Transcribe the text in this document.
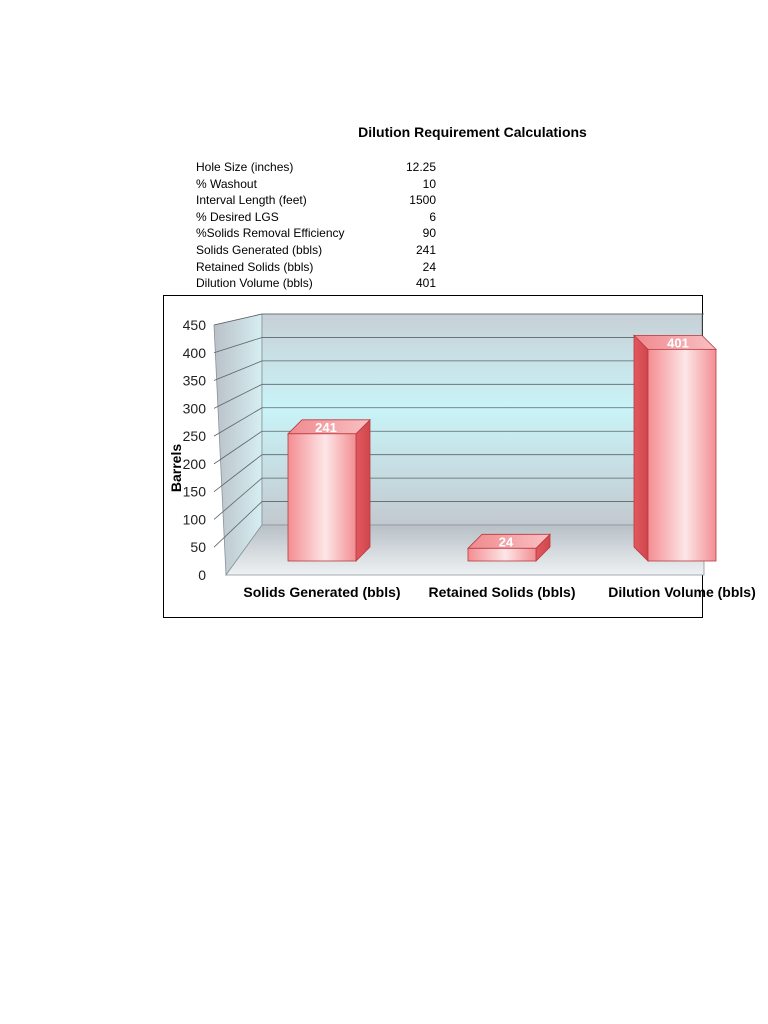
Dilution Requirement Calculations
Hole Size (inches)	12.25
% Washout	10
Interval Length (feet)	1500
% Desired LGS	6
%Solids Removal Efficiency	90
Solids Generated (bbls)	241
Retained Solids (bbls)	24
Dilution Volume (bbls)	401
0
50
100
150
200
250
300
350
400
450
241
24
401
Solids Generated (bbls) Retained Solids (bbls) Dilution Volume (bbls)
Barrels
